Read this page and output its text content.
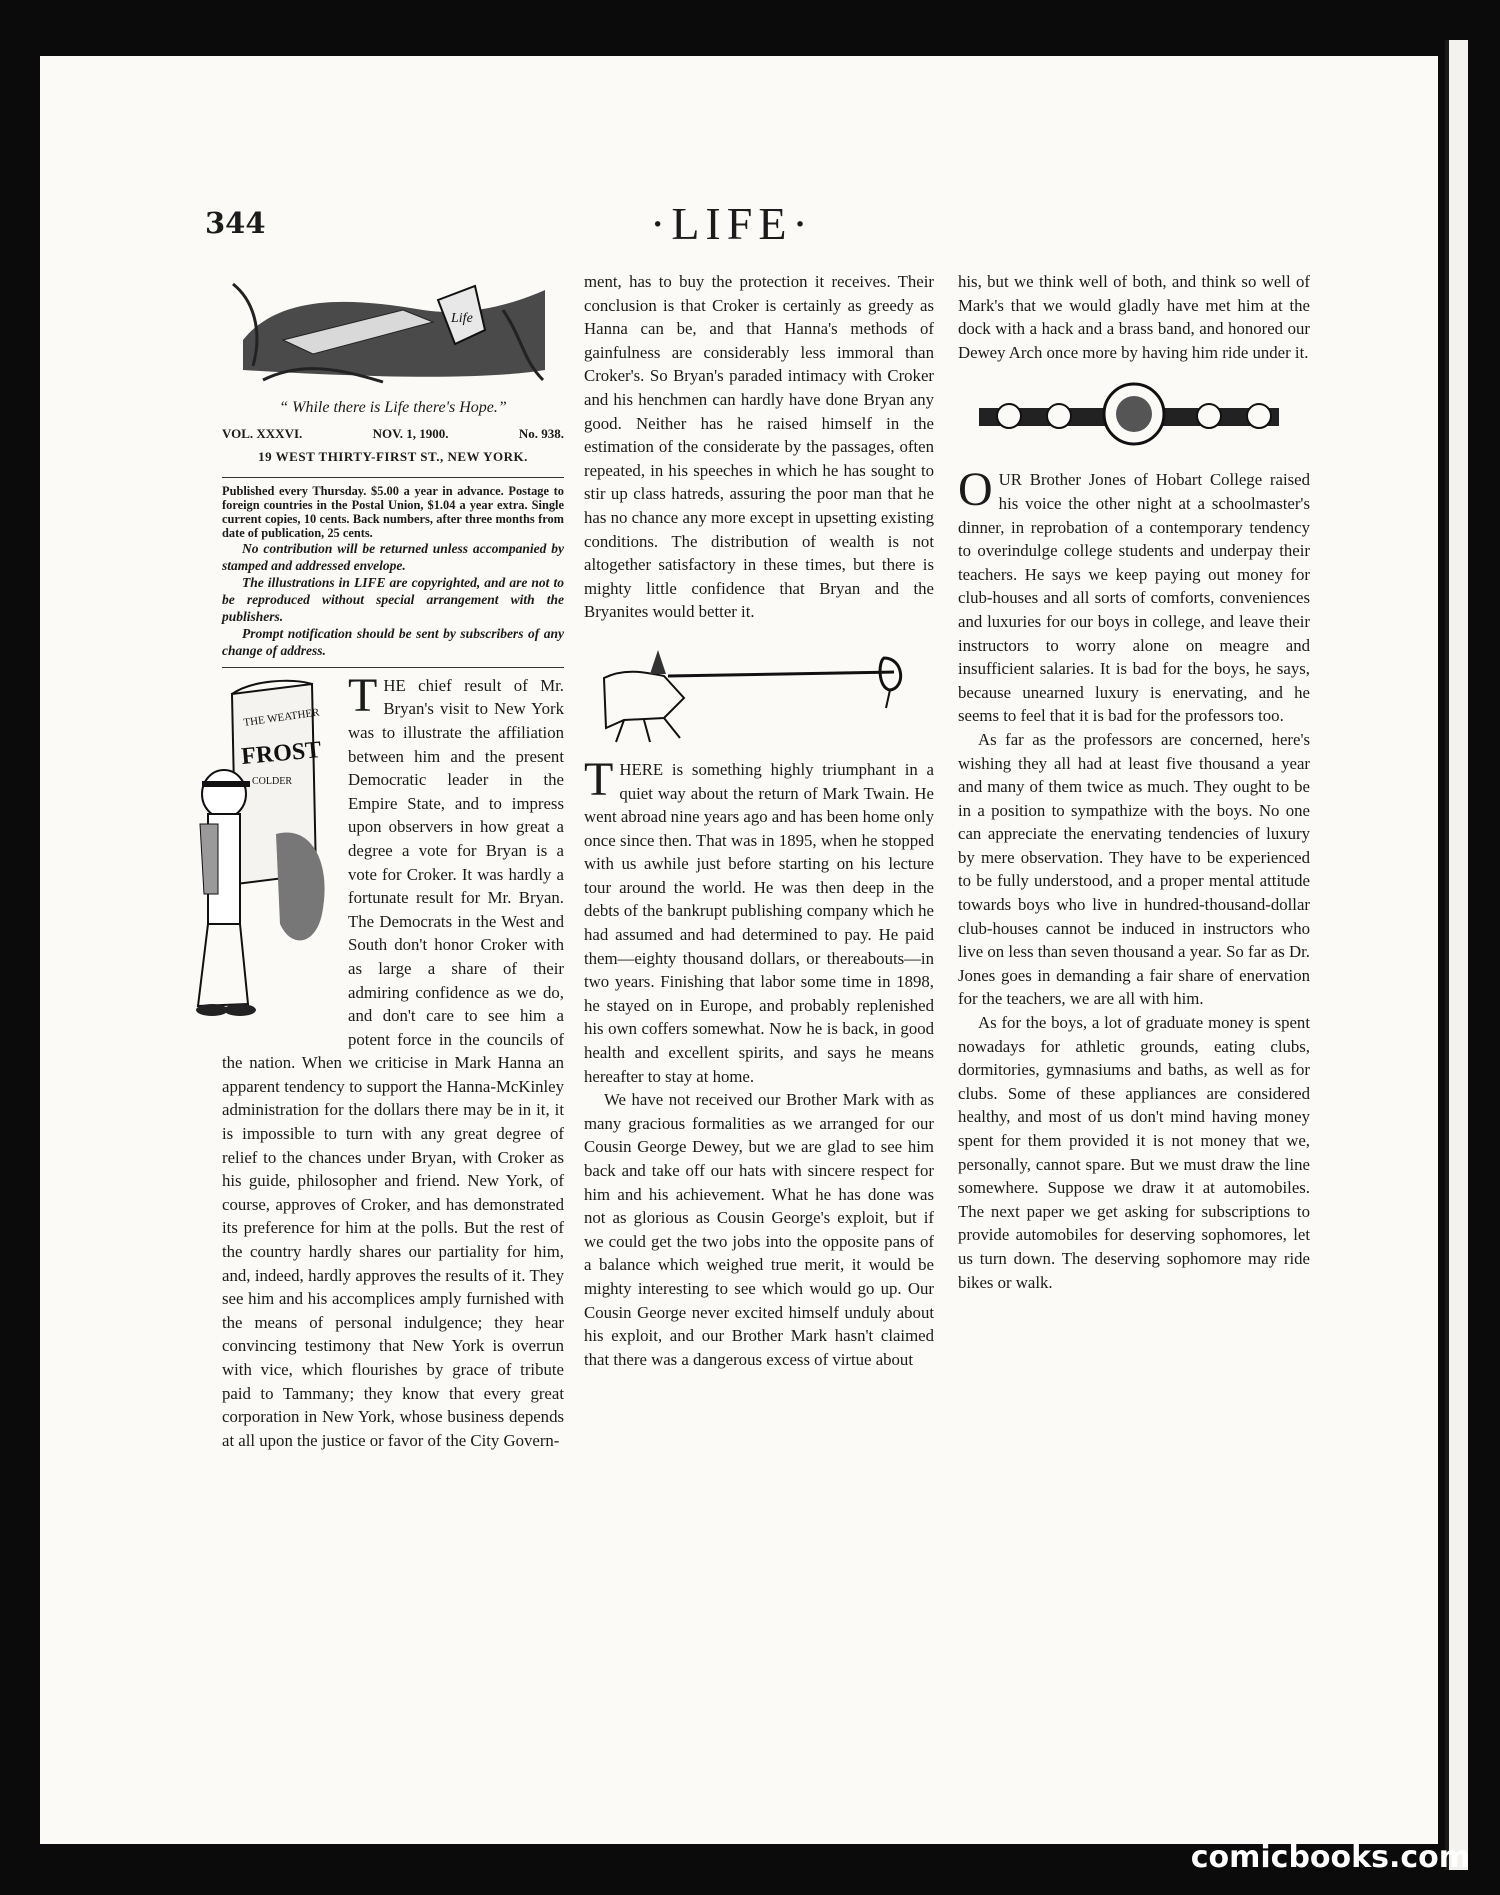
344	·LIFE·
Life
“ While there is Life there's Hope.”
VOL. XXXVI.	NOV. 1, 1900.	No. 938.
19 WEST THIRTY-FIRST ST., NEW YORK.

Published every Thursday. $5.00 a year in advance. Postage to foreign countries in the Postal Union, $1.04 a year extra. Single current copies, 10 cents. Back numbers, after three months from date of publication, 25 cents.

No contribution will be returned unless accompanied by stamped and addressed envelope.

The illustrations in LIFE are copyrighted, and are not to be reproduced without special arrangement with the publishers.

Prompt notification should be sent by subscribers of any change of address.

THE WEATHER
FROST
COLDER

THE chief result of Mr. Bryan's visit to New York was to illustrate the affiliation between him and the present Democratic leader in the Empire State, and to impress upon observers in how great a degree a vote for Bryan is a vote for Croker. It was hardly a fortunate result for Mr. Bryan. The Democrats in the West and South don't honor Croker with as large a share of their admiring confidence as we do, and don't care to see him a potent force in the councils of the nation. When we criticise in Mark Hanna an apparent tendency to support the Hanna-McKinley administration for the dollars there may be in it, it is impossible to turn with any great degree of relief to the chances under Bryan, with Croker as his guide, philosopher and friend. New York, of course, approves of Croker, and has demonstrated its preference for him at the polls. But the rest of the country hardly shares our partiality for him, and, indeed, hardly approves the results of it. They see him and his accomplices amply furnished with the means of personal indulgence; they hear convincing testimony that New York is overrun with vice, which flourishes by grace of tribute paid to Tammany; they know that every great corporation in New York, whose business depends at all upon the justice or favor of the City Govern-

ment, has to buy the protection it receives. Their conclusion is that Croker is certainly as greedy as Hanna can be, and that Hanna's methods of gainfulness are considerably less immoral than Croker's. So Bryan's paraded intimacy with Croker and his henchmen can hardly have done Bryan any good. Neither has he raised himself in the estimation of the considerate by the passages, often repeated, in his speeches in which he has sought to stir up class hatreds, assuring the poor man that he has no chance any more except in upsetting existing conditions. The distribution of wealth is not altogether satisfactory in these times, but there is mighty little confidence that Bryan and the Bryanites would better it.

THERE is something highly triumphant in a quiet way about the return of Mark Twain. He went abroad nine years ago and has been home only once since then. That was in 1895, when he stopped with us awhile just before starting on his lecture tour around the world. He was then deep in the debts of the bankrupt publishing company which he had assumed and had determined to pay. He paid them—eighty thousand dollars, or thereabouts—in two years. Finishing that labor some time in 1898, he stayed on in Europe, and probably replenished his own coffers somewhat. Now he is back, in good health and excellent spirits, and says he means hereafter to stay at home.

We have not received our Brother Mark with as many gracious formalities as we arranged for our Cousin George Dewey, but we are glad to see him back and take off our hats with sincere respect for him and his achievement. What he has done was not as glorious as Cousin George's exploit, but if we could get the two jobs into the opposite pans of a balance which weighed true merit, it would be mighty interesting to see which would go up. Our Cousin George never excited himself unduly about his exploit, and our Brother Mark hasn't claimed that there was a dangerous excess of virtue about

his, but we think well of both, and think so well of Mark's that we would gladly have met him at the dock with a hack and a brass band, and honored our Dewey Arch once more by having him ride under it.

OUR Brother Jones of Hobart College raised his voice the other night at a schoolmaster's dinner, in reprobation of a contemporary tendency to overindulge college students and underpay their teachers. He says we keep paying out money for club-houses and all sorts of comforts, conveniences and luxuries for our boys in college, and leave their instructors to worry alone on meagre and insufficient salaries. It is bad for the boys, he says, because unearned luxury is enervating, and he seems to feel that it is bad for the professors too.

As far as the professors are concerned, here's wishing they all had at least five thousand a year and many of them twice as much. They ought to be in a position to sympathize with the boys. No one can appreciate the enervating tendencies of luxury by mere observation. They have to be experienced to be fully understood, and a proper mental attitude towards boys who live in hundred-thousand-dollar club-houses cannot be induced in instructors who live on less than seven thousand a year. So far as Dr. Jones goes in demanding a fair share of enervation for the teachers, we are all with him.

As for the boys, a lot of graduate money is spent nowadays for athletic grounds, eating clubs, dormitories, gymnasiums and baths, as well as for clubs. Some of these appliances are considered healthy, and most of us don't mind having money spent for them provided it is not money that we, personally, cannot spare. But we must draw the line somewhere. Suppose we draw it at automobiles. The next paper we get asking for subscriptions to provide automobiles for deserving sophomores, let us turn down. The deserving sophomore may ride bikes or walk.

comicbooks.com
